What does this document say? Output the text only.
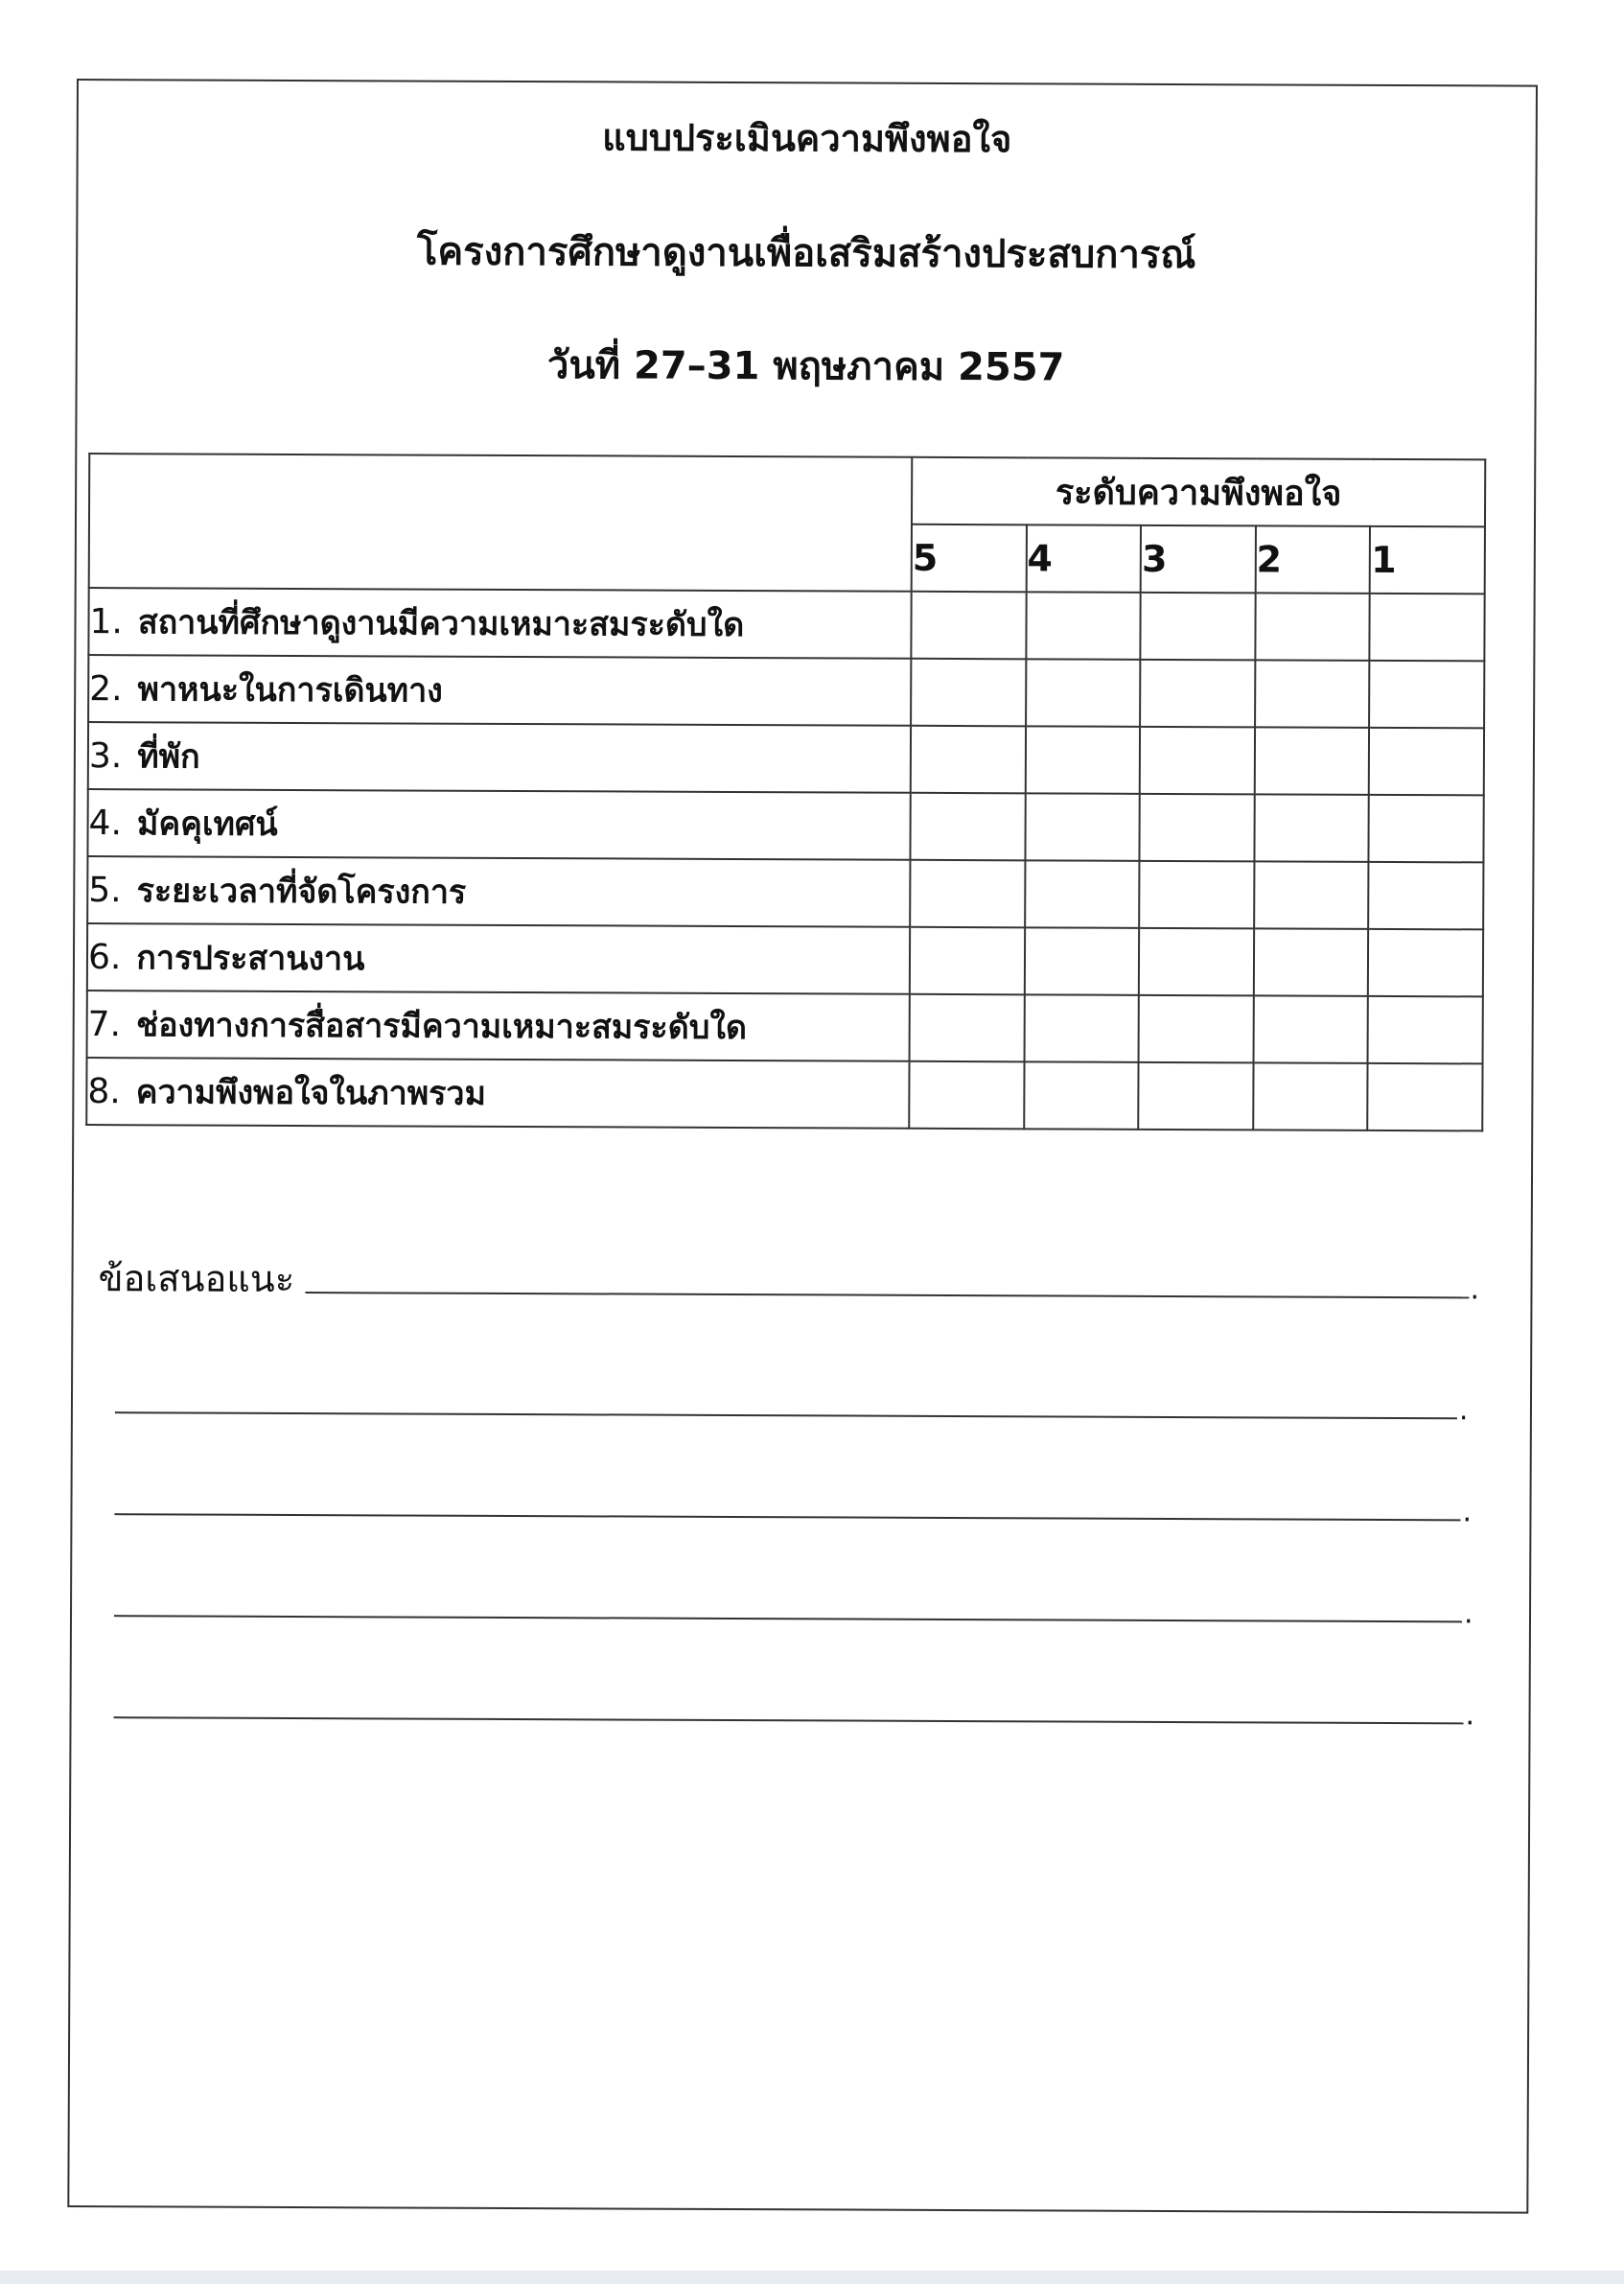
แบบประเมินความพึงพอใจ
โครงการศึกษาดูงานเพื่อเสริมสร้างประสบการณ์
วันที่ 27–31 พฤษภาคม 2557
	ระดับความพึงพอใจ				
	5	4	3	2	1
1. สถานที่ศึกษาดูงานมีความเหมาะสมระดับใด					
2. พาหนะในการเดินทาง					
3. ที่พัก					
4. มัคคุเทศน์					
5. ระยะเวลาที่จัดโครงการ					
6. การประสานงาน					
7. ช่องทางการสื่อสารมีความเหมาะสมระดับใด					
8. ความพึงพอใจในภาพรวม					
ข้อเสนอแนะ	.
.
.
.
.
